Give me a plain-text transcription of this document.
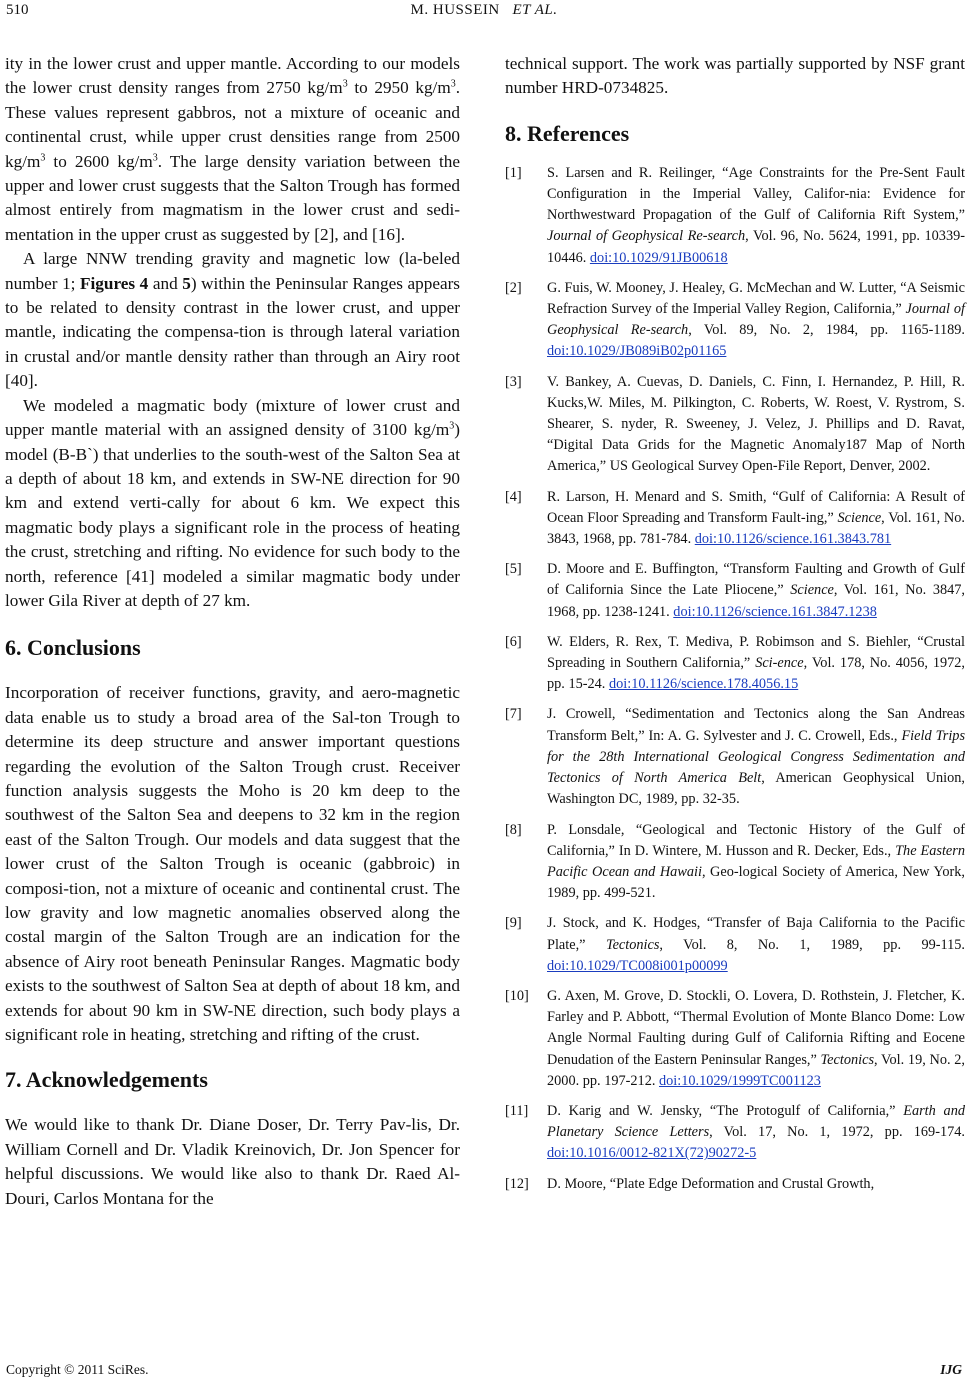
510	M. HUSSEIN ET AL.

ity in the lower crust and upper mantle. According to our models the lower crust density ranges from 2750 $kg/m^3$ to 2950 $kg/m^3$. These values represent gabbros, not a mixture of oceanic and continental crust, while upper crust densities range from 2500 $kg/m^3$ to 2600 $kg/m^3$. The large density variation between the upper and lower crust suggests that the Salton Trough has formed almost entirely from magmatism in the lower crust and sedi-mentation in the upper crust as suggested by [2], and [16].

A large NNW trending gravity and magnetic low (la-beled number 1; Figures 4 and 5) within the Peninsular Ranges appears to be related to density contrast in the lower crust, and upper mantle, indicating the compensa-tion is through lateral variation in crustal and/or mantle density rather than through an Airy root [40].

We modeled a magmatic body (mixture of lower crust and upper mantle material with an assigned density of 3100 $kg/m^3$) model (B-B`) that underlies to the south-west of the Salton Sea at a depth of about 18 km, and extends in SW-NE direction for 90 km and extend verti-cally for about 6 km. We expect this magmatic body plays a significant role in the process of heating the crust, stretching and rifting. No evidence for such body to the north, reference [41] modeled a similar magmatic body under lower Gila River at depth of 27 km.

6. Conclusions

Incorporation of receiver functions, gravity, and aero-magnetic data enable us to study a broad area of the Sal-ton Trough to determine its deep structure and answer important questions regarding the evolution of the Salton Trough crust. Receiver function analysis suggests the Moho is 20 km deep to the southwest of the Salton Sea and deepens to 32 km in the region east of the Salton Trough. Our models and data suggest that the lower crust of the Salton Trough is oceanic (gabbroic) in composi-tion, not a mixture of oceanic and continental crust. The low gravity and low magnetic anomalies observed along the costal margin of the Salton Trough are an indication for the absence of Airy root beneath Peninsular Ranges. Magmatic body exists to the southwest of Salton Sea at depth of about 18 km, and extends for about 90 km in SW-NE direction, such body plays a significant role in heating, stretching and rifting of the crust.

7. Acknowledgements

We would like to thank Dr. Diane Doser, Dr. Terry Pav-lis, Dr. William Cornell and Dr. Vladik Kreinovich, Dr. Jon Spencer for helpful discussions. We would like also to thank Dr. Raed Al-Douri, Carlos Montana for the

technical support. The work was partially supported by NSF grant number HRD-0734825.

8. References
[1] S. Larsen and R. Reilinger, “Age Constraints for the Pre-Sent Fault Configuration in the Imperial Valley, Califor-nia: Evidence for Northwestward Propagation of the Gulf of California Rift System,” Journal of Geophysical Re-search, Vol. 96, No. 5624, 1991, pp. 10339-10446. doi:10.1029/91JB00618
[2] G. Fuis, W. Mooney, J. Healey, G. McMechan and W. Lutter, “A Seismic Refraction Survey of the Imperial Valley Region, California,” Journal of Geophysical Re-search, Vol. 89, No. 2, 1984, pp. 1165-1189. doi:10.1029/JB089iB02p01165
[3] V. Bankey, A. Cuevas, D. Daniels, C. Finn, I. Hernandez, P. Hill, R. Kucks,W. Miles, M. Pilkington, C. Roberts, W. Roest, V. Rystrom, S. Shearer, S. nyder, R. Sweeney, J. Velez, J. Phillips and D. Ravat, “Digital Data Grids for the Magnetic Anomaly187 Map of North America,” US Geological Survey Open-File Report, Denver, 2002.
[4] R. Larson, H. Menard and S. Smith, “Gulf of California: A Result of Ocean Floor Spreading and Transform Fault-ing,” Science, Vol. 161, No. 3843, 1968, pp. 781-784. doi:10.1126/science.161.3843.781
[5] D. Moore and E. Buffington, “Transform Faulting and Growth of Gulf of California Since the Late Pliocene,” Science, Vol. 161, No. 3847, 1968, pp. 1238-1241. doi:10.1126/science.161.3847.1238
[6] W. Elders, R. Rex, T. Mediva, P. Robimson and S. Biehler, “Crustal Spreading in Southern California,” Sci-ence, Vol. 178, No. 4056, 1972, pp. 15-24. doi:10.1126/science.178.4056.15
[7] J. Crowell, “Sedimentation and Tectonics along the San Andreas Transform Belt,” In: A. G. Sylvester and J. C. Crowell, Eds., Field Trips for the 28th International Geological Congress Sedimentation and Tectonics of North America Belt, American Geophysical Union, Washington DC, 1989, pp. 32-35.
[8] P. Lonsdale, “Geological and Tectonic History of the Gulf of California,” In D. Wintere, M. Husson and R. Decker, Eds., The Eastern Pacific Ocean and Hawaii, Geo-logical Society of America, New York, 1989, pp. 499-521.
[9] J. Stock, and K. Hodges, “Transfer of Baja California to the Pacific Plate,” Tectonics, Vol. 8, No. 1, 1989, pp. 99-115. doi:10.1029/TC008i001p00099
[10] G. Axen, M. Grove, D. Stockli, O. Lovera, D. Rothstein, J. Fletcher, K. Farley and P. Abbott, “Thermal Evolution of Monte Blanco Dome: Low Angle Normal Faulting during Gulf of California Rifting and Eocene Denudation of the Eastern Peninsular Ranges,” Tectonics, Vol. 19, No. 2, 2000. pp. 197-212. doi:10.1029/1999TC001123
[11] D. Karig and W. Jensky, “The Protogulf of California,” Earth and Planetary Science Letters, Vol. 17, No. 1, 1972, pp. 169-174. doi:10.1016/0012-821X(72)90272-5
[12] D. Moore, “Plate Edge Deformation and Crustal Growth,
Copyright © 2011 SciRes.	IJG
